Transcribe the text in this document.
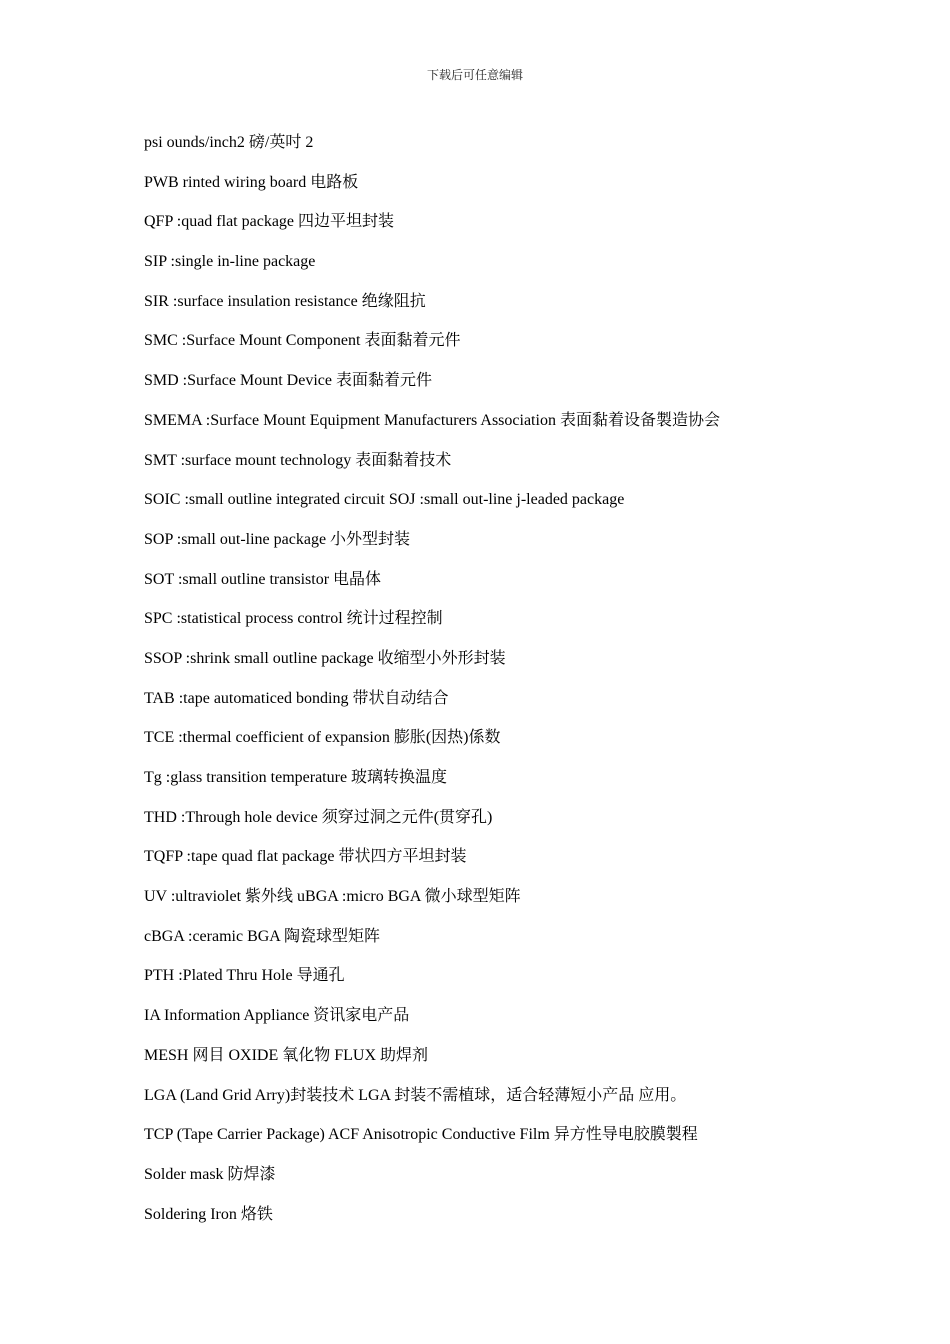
下载后可任意编辑
psi ounds/inch2 磅/英吋 2
PWB rinted wiring board 电路板
QFP :quad flat package 四边平坦封装
SIP :single in-line package
SIR :surface insulation resistance 绝缘阻抗
SMC :Surface Mount Component 表面黏着元件
SMD :Surface Mount Device 表面黏着元件
SMEMA :Surface Mount Equipment Manufacturers Association 表面黏着设备製造协会
SMT :surface mount technology 表面黏着技术
SOIC :small outline integrated circuit SOJ :small out-line j-leaded package
SOP :small out-line package 小外型封装
SOT :small outline transistor 电晶体
SPC :statistical process control 统计过程控制
SSOP :shrink small outline package 收缩型小外形封装
TAB :tape automaticed bonding 带状自动结合
TCE :thermal coefficient of expansion 膨胀(因热)係数
Tg :glass transition temperature 玻璃转换温度
THD :Through hole device 须穿过洞之元件(贯穿孔)
TQFP :tape quad flat package 带状四方平坦封装
UV :ultraviolet 紫外线 uBGA :micro BGA 微小球型矩阵
cBGA :ceramic BGA 陶瓷球型矩阵
PTH :Plated Thru Hole 导通孔
IA Information Appliance 资讯家电产品
MESH 网目 OXIDE 氧化物 FLUX 助焊剂
LGA (Land Grid Arry)封装技术 LGA 封装不需植球，适合轻薄短小产品 应用。
TCP (Tape Carrier Package) ACF Anisotropic Conductive Film 异方性导电胶膜製程
Solder mask 防焊漆
Soldering Iron 烙铁
